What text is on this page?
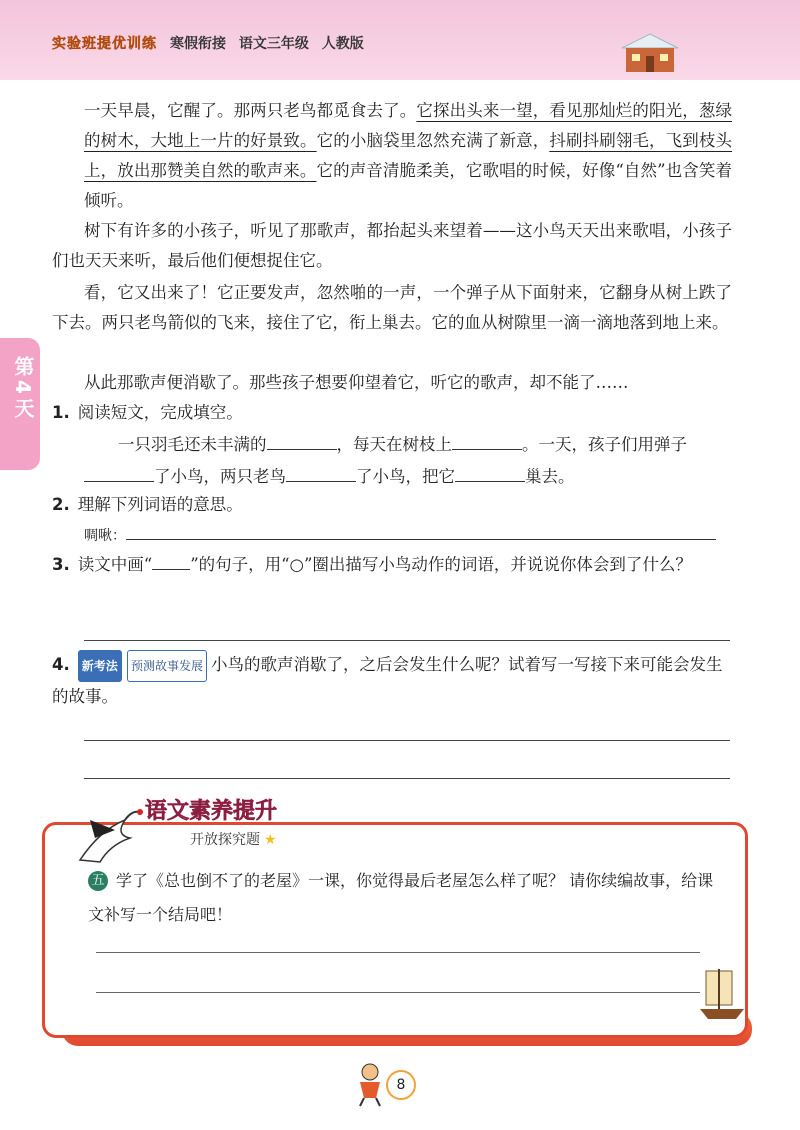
实验班提优训练 寒假衔接 语文三年级 人教版
第4天

一天早晨，它醒了。那两只老鸟都觅食去了。它探出头来一望，看见那灿烂的阳光，葱绿的树木，大地上一片的好景致。它的小脑袋里忽然充满了新意，抖刷抖刷翎毛，飞到枝头上，放出那赞美自然的歌声来。它的声音清脆柔美，它歌唱的时候，好像“自然”也含笑着倾听。

树下有许多的小孩子，听见了那歌声，都抬起头来望着——这小鸟天天出来歌唱，小孩子们也天天来听，最后他们便想捉住它。

看，它又出来了！它正要发声，忽然啪的一声，一个弹子从下面射来，它翻身从树上跌了下去。两只老鸟箭似的飞来，接住了它，衔上巢去。它的血从树隙里一滴一滴地落到地上来。

从此那歌声便消歇了。那些孩子想要仰望着它，听它的歌声，却不能了……

1. 阅读短文，完成填空。
一只羽毛还未丰满的	，每天在树枝上	。一天，孩子们用弹子
了小鸟，两只老鸟	了小鸟，把它	巢去。
2. 理解下列词语的意思。
啁啾：
3. 读文中画“ ”的句子，用“○”圈出描写小鸟动作的词语，并说说你体会到了什么？
4. 新考法 预测故事发展 小鸟的歌声消歇了，之后会发生什么呢？试着写一写接下来可能会发生的故事。
语文素养提升
开放探究题 ★
五 学了《总也倒不了的老屋》一课，你觉得最后老屋怎么样了呢？ 请你续编故事，给课文补写一个结局吧！
8
